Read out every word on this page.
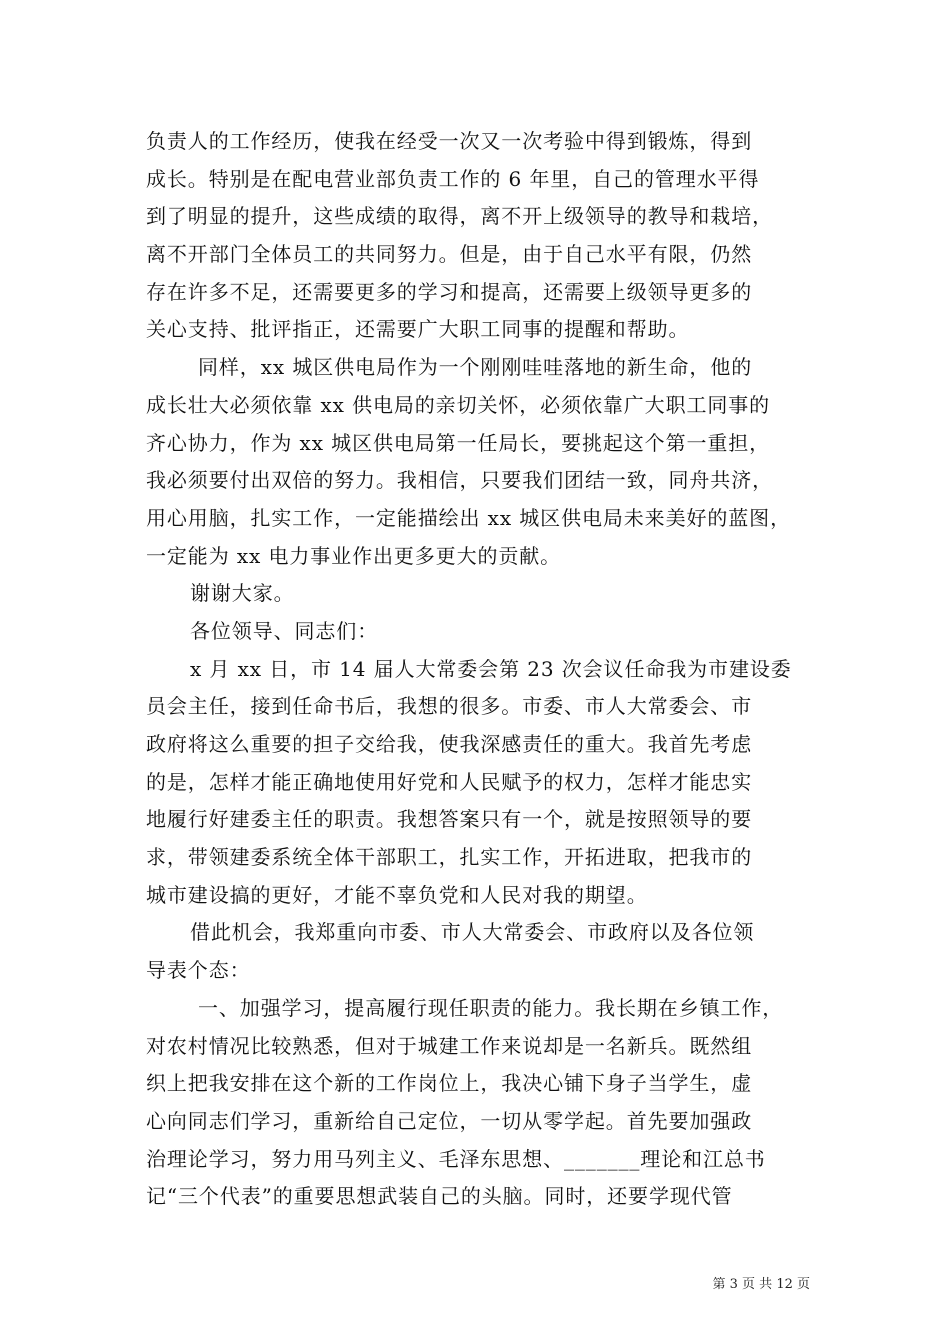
负责人的工作经历，使我在经受一次又一次考验中得到锻炼，得到
成长。特别是在配电营业部负责工作的 6 年里，自己的管理水平得
到了明显的提升，这些成绩的取得，离不开上级领导的教导和栽培，
离不开部门全体员工的共同努力。但是，由于自己水平有限，仍然
存在许多不足，还需要更多的学习和提高，还需要上级领导更多的
关心支持、批评指正，还需要广大职工同事的提醒和帮助。
同样，xx 城区供电局作为一个刚刚哇哇落地的新生命，他的
成长壮大必须依靠 xx 供电局的亲切关怀，必须依靠广大职工同事的
齐心协力，作为 xx 城区供电局第一任局长，要挑起这个第一重担，
我必须要付出双倍的努力。我相信，只要我们团结一致，同舟共济，
用心用脑，扎实工作，一定能描绘出 xx 城区供电局未来美好的蓝图，
一定能为 xx 电力事业作出更多更大的贡献。
谢谢大家。
各位领导、同志们：
x 月 xx 日，市 14 届人大常委会第 23 次会议任命我为市建设委
员会主任，接到任命书后，我想的很多。市委、市人大常委会、市
政府将这么重要的担子交给我，使我深感责任的重大。我首先考虑
的是，怎样才能正确地使用好党和人民赋予的权力，怎样才能忠实
地履行好建委主任的职责。我想答案只有一个，就是按照领导的要
求，带领建委系统全体干部职工，扎实工作，开拓进取，把我市的
城市建设搞的更好，才能不辜负党和人民对我的期望。
借此机会，我郑重向市委、市人大常委会、市政府以及各位领
导表个态：
一、加强学习，提高履行现任职责的能力。我长期在乡镇工作，
对农村情况比较熟悉，但对于城建工作来说却是一名新兵。既然组
织上把我安排在这个新的工作岗位上，我决心铺下身子当学生，虚
心向同志们学习，重新给自己定位，一切从零学起。首先要加强政
治理论学习，努力用马列主义、毛泽东思想、_______理论和江总书
记“三个代表”的重要思想武装自己的头脑。同时，还要学现代管
第 3 页 共 12 页
